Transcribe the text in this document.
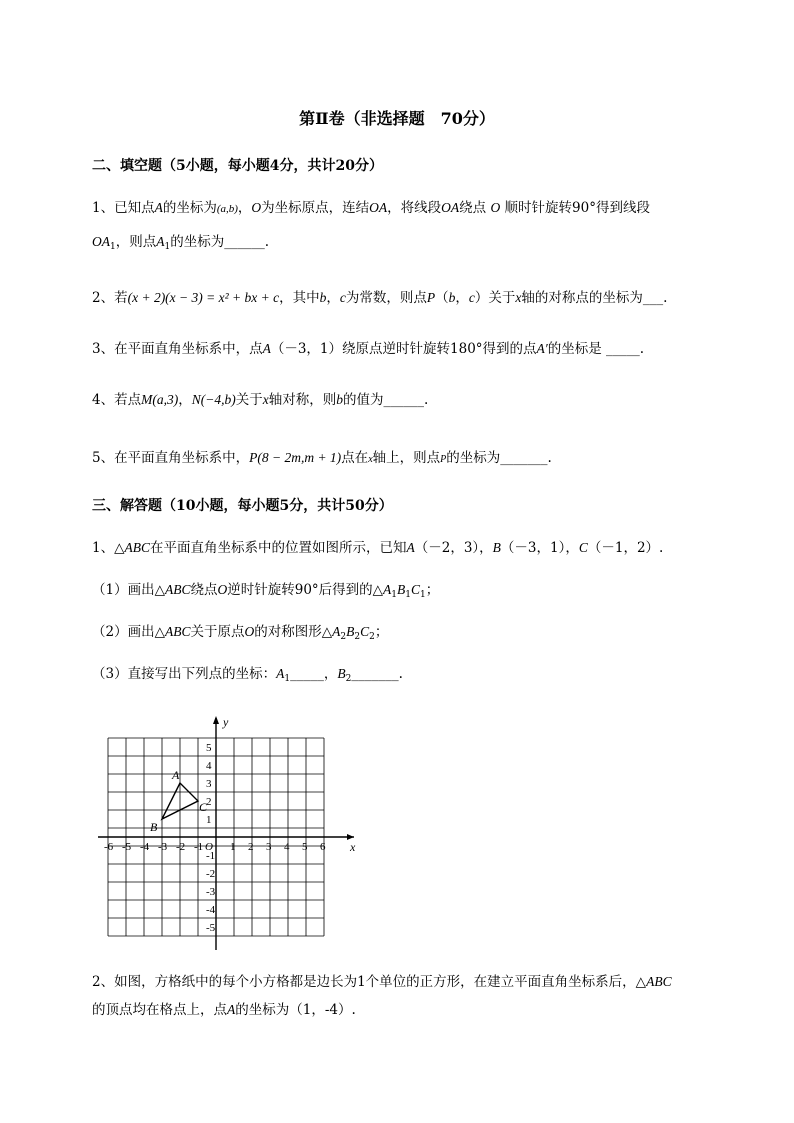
第Ⅱ卷（非选择题　70分）
二、填空题（5小题，每小题4分，共计20分）
1、已知点A的坐标为(a,b)，O为坐标原点，连结OA，将线段OA绕点 O 顺时针旋转90°得到线段
$OA_1$，则点$A_1$的坐标为______.
2、若(x + 2)(x − 3) = x² + bx + c，其中b，c为常数，则点P（b，c）关于x轴的对称点的坐标为___.
3、在平面直角坐标系中，点A（－3，1）绕原点逆时针旋转180°得到的点A′的坐标是 _____.
4、若点M(a,3)，N(−4,b)关于x轴对称，则b的值为______.
5、在平面直角坐标系中，P(8 − 2m,m + 1)点在x轴上，则点P的坐标为_______.
三、解答题（10小题，每小题5分，共计50分）
1、△ABC在平面直角坐标系中的位置如图所示，已知A（－2，3），B（－3，1），C（－1，2）.
（1）画出△ABC绕点O逆时针旋转90°后得到的$\triangle A_1B_1C_1$；
（2）画出△ABC关于原点O的对称图形$\triangle A_2B_2C_2$；
（3）直接写出下列点的坐标：$A_1\_\_\_\_\_$，$B_2\_\_\_\_\_\_\_$.
x
y
O
-6 -5 -4 -3 -2 -1 1 2 3 4 5 6
5
4
3
2
1
-1
-2
-3
-4
-5
A
B
C
2、如图，方格纸中的每个小方格都是边长为1个单位的正方形，在建立平面直角坐标系后，△ABC
的顶点均在格点上，点A的坐标为（1，-4）.
